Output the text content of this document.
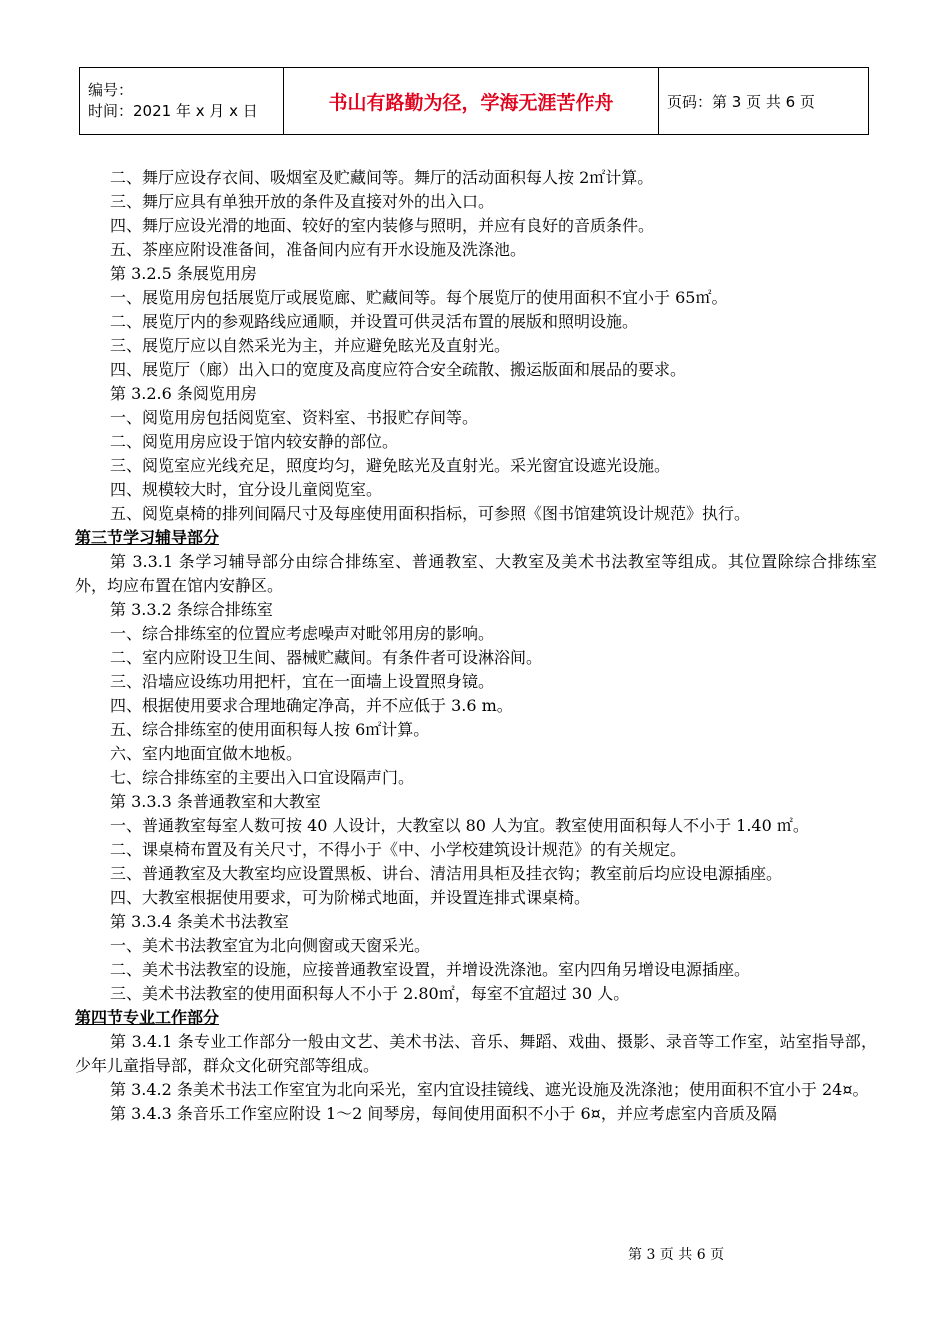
编号：
时间：2021 年 x 月 x 日	书山有路勤为径，学海无涯苦作舟	页码：第 3 页 共 6 页
二、舞厅应设存衣间、吸烟室及贮藏间等。舞厅的活动面积每人按 2㎡计算。
三、舞厅应具有单独开放的条件及直接对外的出入口。
四、舞厅应设光滑的地面、较好的室内装修与照明，并应有良好的音质条件。
五、茶座应附设准备间，准备间内应有开水设施及洗涤池。
第 3.2.5 条展览用房
一、展览用房包括展览厅或展览廊、贮藏间等。每个展览厅的使用面积不宜小于 65㎡。
二、展览厅内的参观路线应通顺，并设置可供灵活布置的展版和照明设施。
三、展览厅应以自然采光为主，并应避免眩光及直射光。
四、展览厅（廊）出入口的宽度及高度应符合安全疏散、搬运版面和展品的要求。
第 3.2.6 条阅览用房
一、阅览用房包括阅览室、资料室、书报贮存间等。
二、阅览用房应设于馆内较安静的部位。
三、阅览室应光线充足，照度均匀，避免眩光及直射光。采光窗宜设遮光设施。
四、规模较大时，宜分设儿童阅览室。
五、阅览桌椅的排列间隔尺寸及每座使用面积指标，可参照《图书馆建筑设计规范》执行。
第三节学习辅导部分
第 3.3.1 条学习辅导部分由综合排练室、普通教室、大教室及美术书法教室等组成。其位置除综合排练室外，均应布置在馆内安静区。
第 3.3.2 条综合排练室
一、综合排练室的位置应考虑噪声对毗邻用房的影响。
二、室内应附设卫生间、器械贮藏间。有条件者可设淋浴间。
三、沿墙应设练功用把杆，宜在一面墙上设置照身镜。
四、根据使用要求合理地确定净高，并不应低于 3.6 m。
五、综合排练室的使用面积每人按 6㎡计算。
六、室内地面宜做木地板。
七、综合排练室的主要出入口宜设隔声门。
第 3.3.3 条普通教室和大教室
一、普通教室每室人数可按 40 人设计，大教室以 80 人为宜。教室使用面积每人不小于 1.40 ㎡。
二、课桌椅布置及有关尺寸，不得小于《中、小学校建筑设计规范》的有关规定。
三、普通教室及大教室均应设置黑板、讲台、清洁用具柜及挂衣钩；教室前后均应设电源插座。
四、大教室根据使用要求，可为阶梯式地面，并设置连排式课桌椅。
第 3.3.4 条美术书法教室
一、美术书法教室宜为北向侧窗或天窗采光。
二、美术书法教室的设施，应接普通教室设置，并增设洗涤池。室内四角另增设电源插座。
三、美术书法教室的使用面积每人不小于 2.80㎡，每室不宜超过 30 人。
第四节专业工作部分
第 3.4.1 条专业工作部分一般由文艺、美术书法、音乐、舞蹈、戏曲、摄影、录音等工作室，站室指导部，少年儿童指导部，群众文化研究部等组成。
第 3.4.2 条美术书法工作室宜为北向采光，室内宜设挂镜线、遮光设施及洗涤池；使用面积不宜小于 24¤。
第 3.4.3 条音乐工作室应附设 1～2 间琴房，每间使用面积不小于 6¤，并应考虑室内音质及隔
第 3 页 共 6 页
